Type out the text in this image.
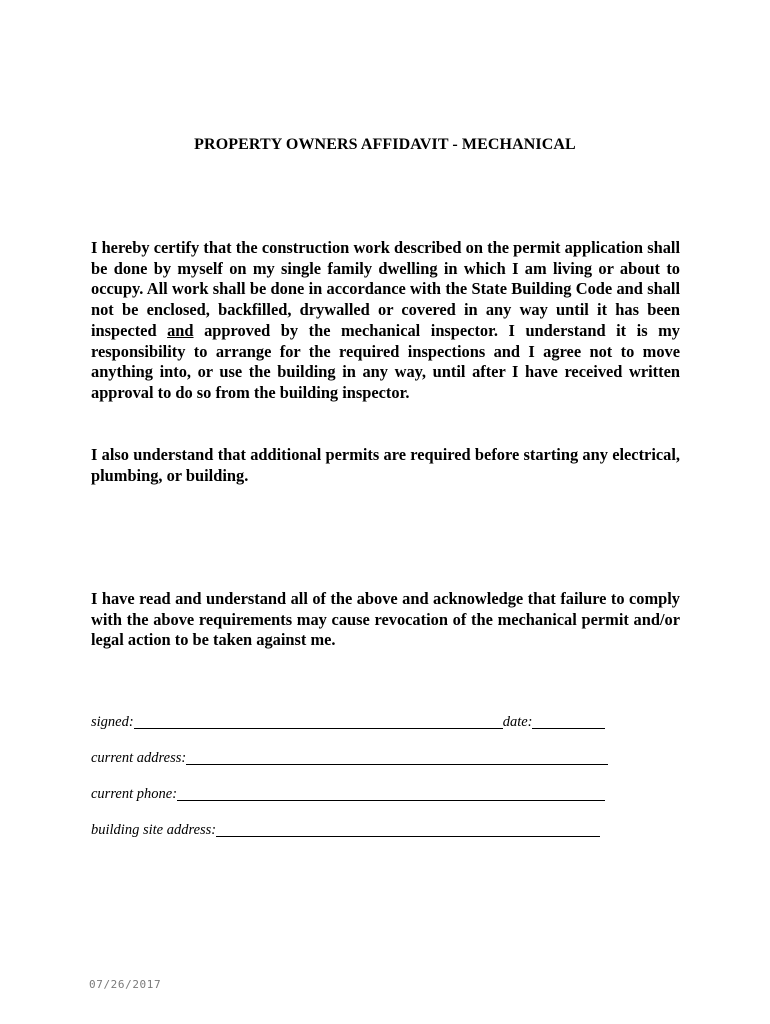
PROPERTY OWNERS AFFIDAVIT - MECHANICAL

I hereby certify that the construction work described on the permit application shall be done by myself on my single family dwelling in which I am living or about to occupy. All work shall be done in accordance with the State Building Code and shall not be enclosed, backfilled, drywalled or covered in any way until it has been inspected and approved by the mechanical inspector. I understand it is my responsibility to arrange for the required inspections and I agree not to move anything into, or use the building in any way, until after I have received written approval to do so from the building inspector.

I also understand that additional permits are required before starting any electrical, plumbing, or building.

I have read and understand all of the above and acknowledge that failure to comply with the above requirements may cause revocation of the mechanical permit and/or legal action to be taken against me.

signed:	date:
current address:
current phone:
building site address:
07/26/2017
